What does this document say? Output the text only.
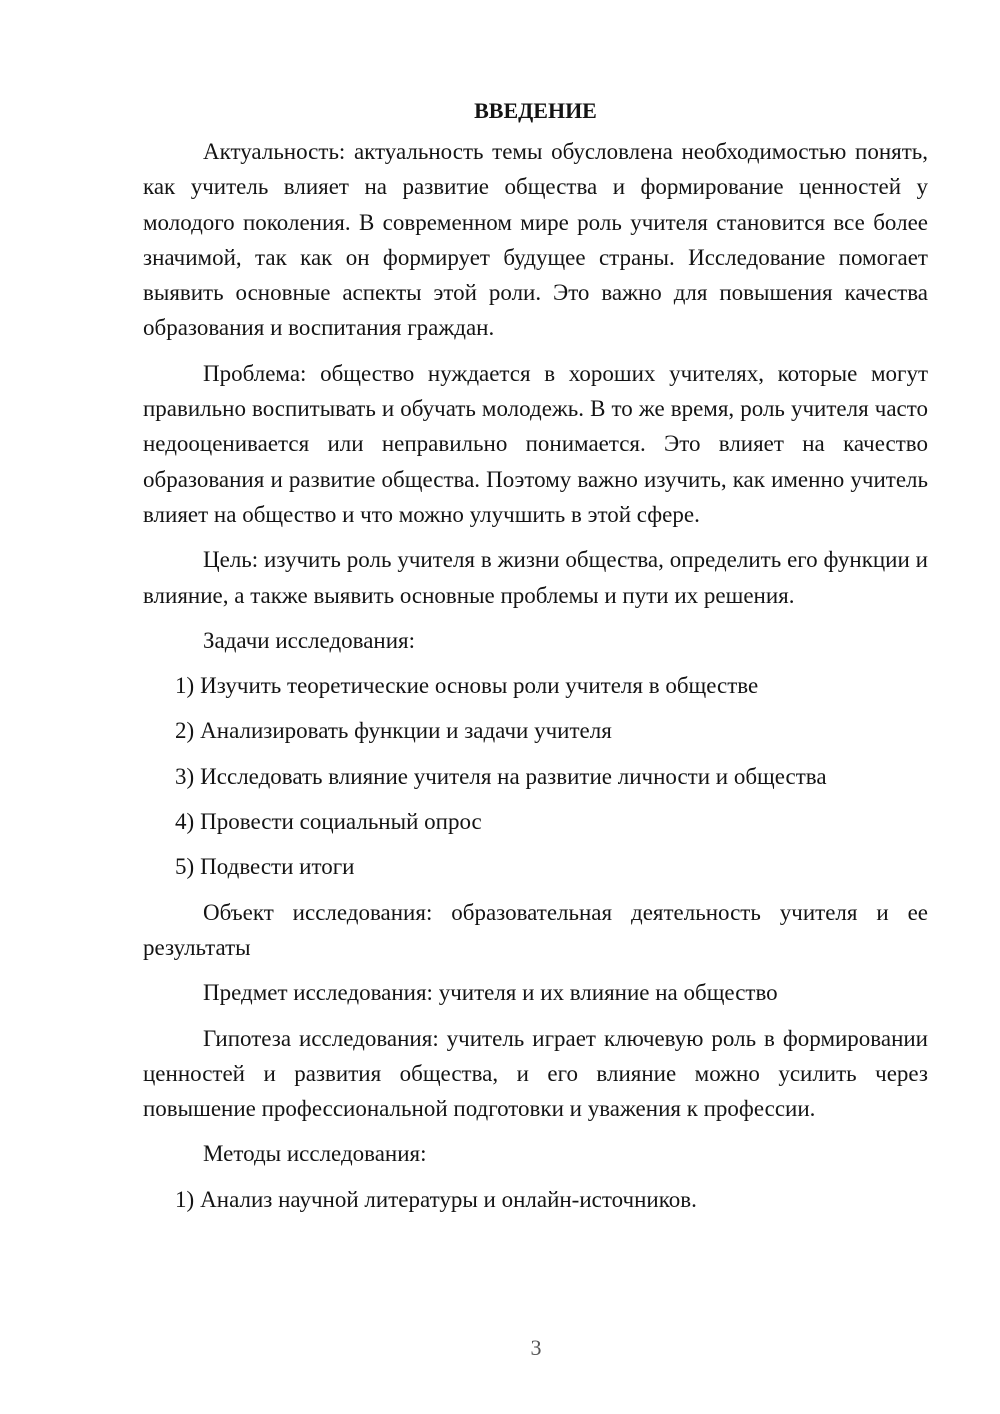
ВВЕДЕНИЕ

Актуальность: актуальность темы обусловлена необходимостью понять, как учитель влияет на развитие общества и формирование ценностей у молодого поколения. В современном мире роль учителя становится все более значимой, так как он формирует будущее страны. Исследование помогает выявить основные аспекты этой роли. Это важно для повышения качества образования и воспитания граждан.

Проблема: общество нуждается в хороших учителях, которые могут правильно воспитывать и обучать молодежь. В то же время, роль учителя часто недооценивается или неправильно понимается. Это влияет на качество образования и развитие общества. Поэтому важно изучить, как именно учитель влияет на общество и что можно улучшить в этой сфере.

Цель: изучить роль учителя в жизни общества, определить его функции и влияние, а также выявить основные проблемы и пути их решения.

Задачи исследования:

1) Изучить теоретические основы роли учителя в обществе
2) Анализировать функции и задачи учителя
3) Исследовать влияние учителя на развитие личности и общества
4) Провести социальный опрос
5) Подвести итоги

Объект исследования: образовательная деятельность учителя и ее результаты

Предмет исследования: учителя и их влияние на общество

Гипотеза исследования: учитель играет ключевую роль в формировании ценностей и развития общества, и его влияние можно усилить через повышение профессиональной подготовки и уважения к профессии.

Методы исследования:

1) Анализ научной литературы и онлайн-источников.
3
